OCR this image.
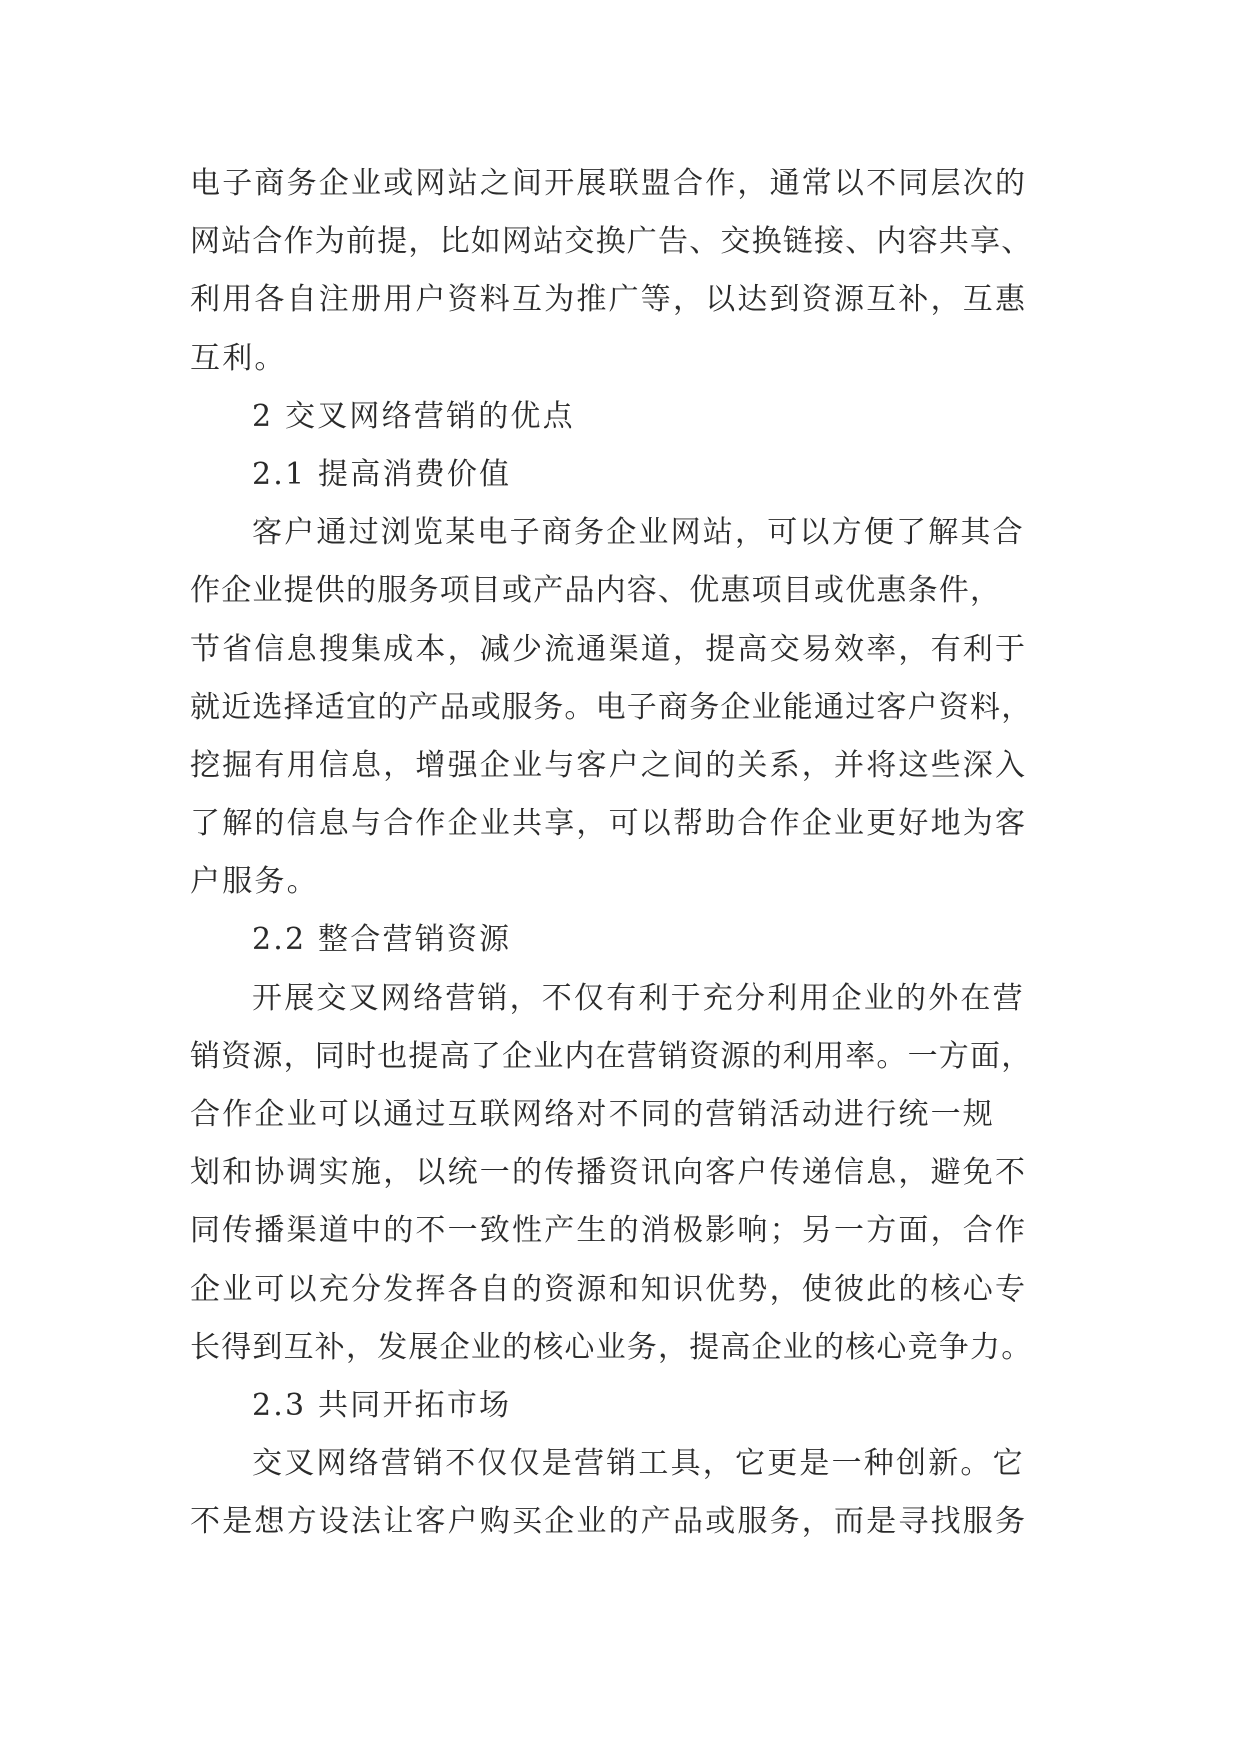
电子商务企业或网站之间开展联盟合作，通常以不同层次的
网站合作为前提，比如网站交换广告、交换链接、内容共享、
利用各自注册用户资料互为推广等，以达到资源互补，互惠
互利。
2 交叉网络营销的优点
2.1 提高消费价值
客户通过浏览某电子商务企业网站，可以方便了解其合
作企业提供的服务项目或产品内容、优惠项目或优惠条件，
节省信息搜集成本，减少流通渠道，提高交易效率，有利于
就近选择适宜的产品或服务。电子商务企业能通过客户资料，
挖掘有用信息，增强企业与客户之间的关系，并将这些深入
了解的信息与合作企业共享，可以帮助合作企业更好地为客
户服务。
2.2 整合营销资源
开展交叉网络营销，不仅有利于充分利用企业的外在营
销资源，同时也提高了企业内在营销资源的利用率。一方面，
合作企业可以通过互联网络对不同的营销活动进行统一规
划和协调实施，以统一的传播资讯向客户传递信息，避免不
同传播渠道中的不一致性产生的消极影响；另一方面，合作
企业可以充分发挥各自的资源和知识优势，使彼此的核心专
长得到互补，发展企业的核心业务，提高企业的核心竞争力。
2.3 共同开拓市场
交叉网络营销不仅仅是营销工具，它更是一种创新。它
不是想方设法让客户购买企业的产品或服务，而是寻找服务
